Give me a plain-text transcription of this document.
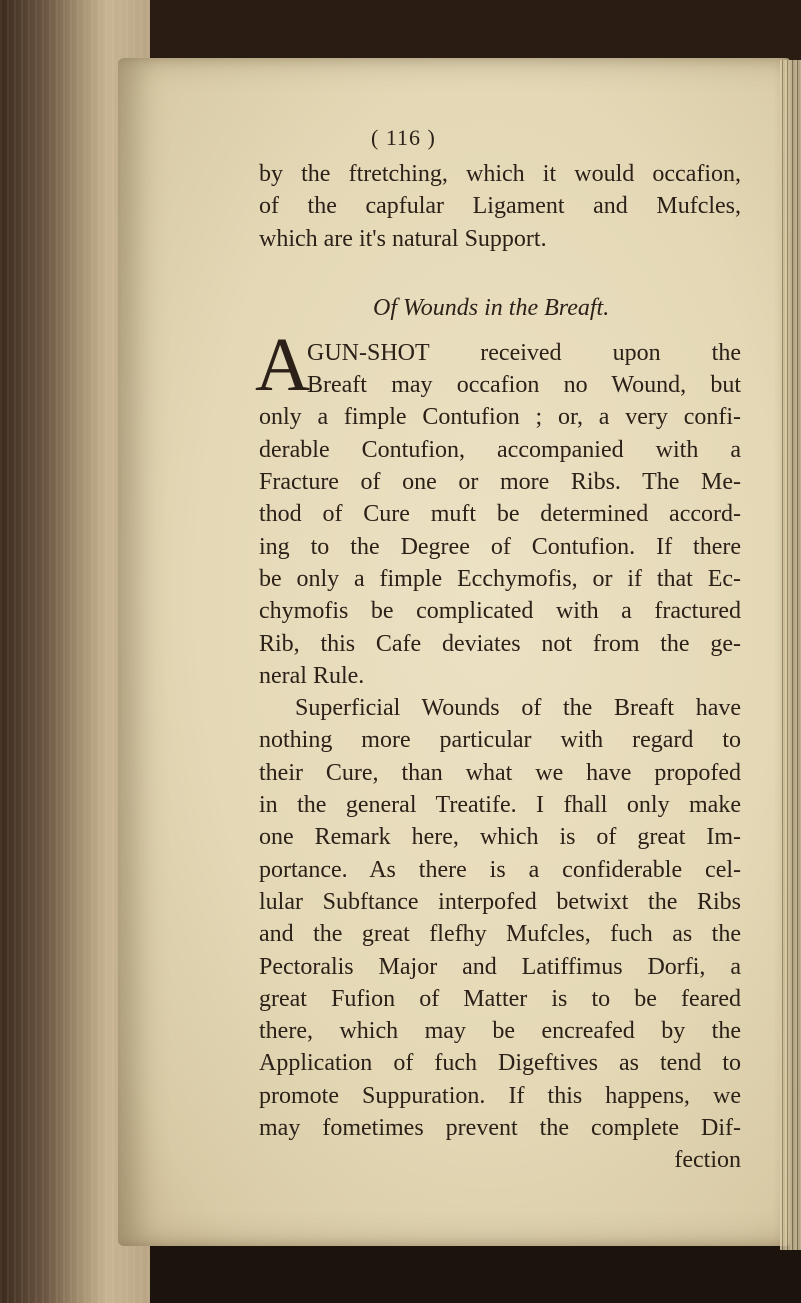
( 116 )
by the ftretching, which it would occafion,
of the capfular Ligament and Mufcles,
which are it's natural Support.
Of Wounds in the Breaft.
A
GUN-SHOT received upon the
Breaft may occafion no Wound, but
only a fimple Contufion ; or, a very confi-
derable Contufion, accompanied with a
Fracture of one or more Ribs. The Me-
thod of Cure muft be determined accord-
ing to the Degree of Contufion. If there
be only a fimple Ecchymofis, or if that Ec-
chymofis be complicated with a fractured
Rib, this Cafe deviates not from the ge-
neral Rule.
Superficial Wounds of the Breaft have
nothing more particular with regard to
their Cure, than what we have propofed
in the general Treatife. I fhall only make
one Remark here, which is of great Im-
portance. As there is a confiderable cel-
lular Subftance interpofed betwixt the Ribs
and the great flefhy Mufcles, fuch as the
Pectoralis Major and Latiffimus Dorfi, a
great Fufion of Matter is to be feared
there, which may be encreafed by the
Application of fuch Digeftives as tend to
promote Suppuration. If this happens, we
may fometimes prevent the complete Dif-
fection
